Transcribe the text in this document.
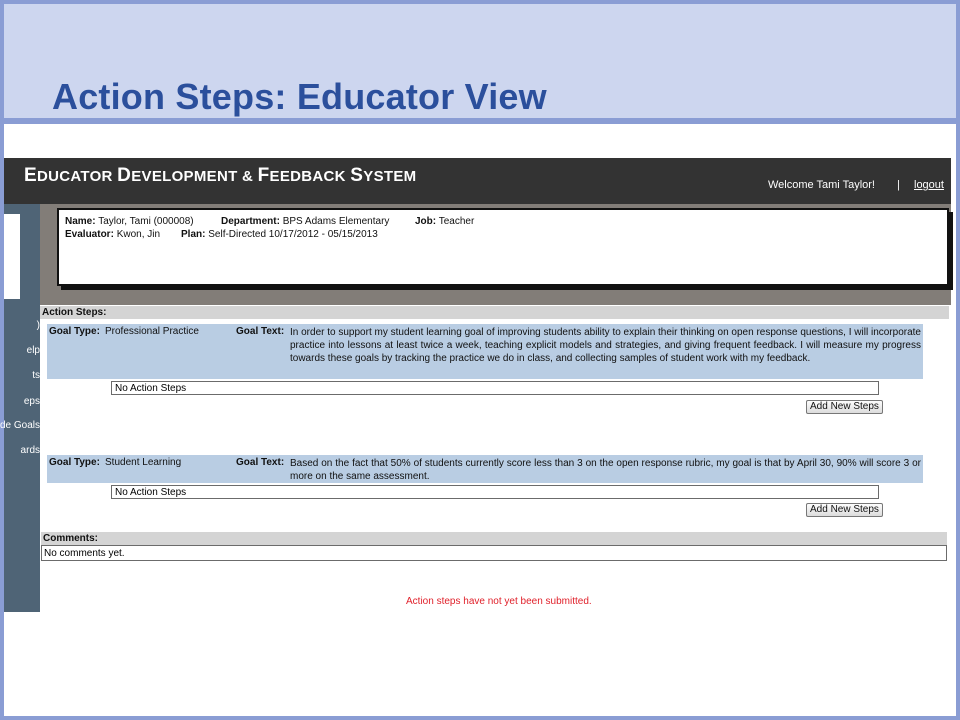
Action Steps: Educator View
EDUCATOR DEVELOPMENT & FEEDBACK SYSTEM	Welcome Tami Taylor! | logout
)
elp
ts
eps
de Goals
ards
Name: Taylor, Tami (000008)	Department: BPS Adams Elementary	Job: Teacher
Evaluator: Kwon, Jin Plan: Self-Directed 10/17/2012 - 05/15/2013
Action Steps:
Goal Type: Professional Practice	Goal Text: In order to support my student learning goal of improving students ability to explain their thinking on open response questions, I will incorporate practice into lessons at least twice a week, teaching explicit models and strategies, and giving frequent feedback. I will measure my progress towards these goals by tracking the practice we do in class, and collecting samples of student work with my feedback.
No Action Steps
Add New Steps
Goal Type: Student Learning	Goal Text: Based on the fact that 50% of students currently score less than 3 on the open response rubric, my goal is that by April 30, 90% will score 3 or more on the same assessment.
No Action Steps
Add New Steps
Comments:
No comments yet.
Action steps have not yet been submitted.
